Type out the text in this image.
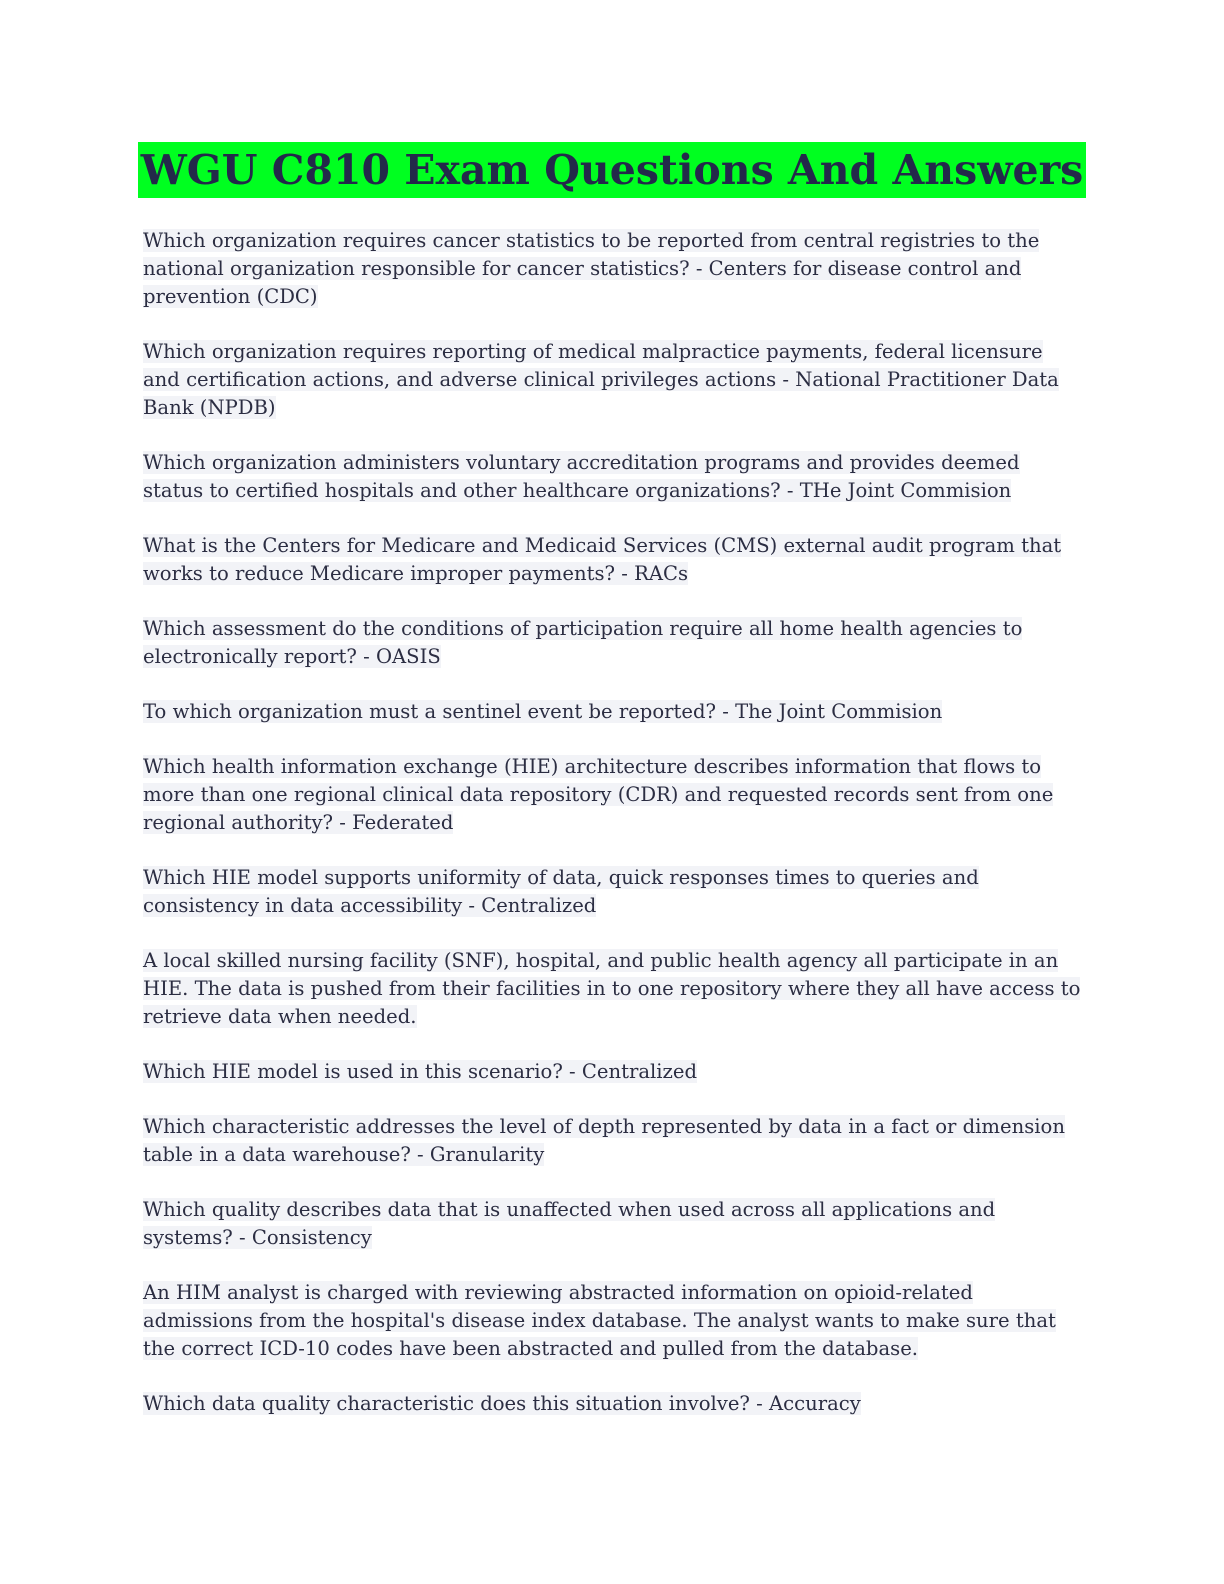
WGU C810 Exam Questions And Answers

Which organization requires cancer statistics to be reported from central registries to the national organization responsible for cancer statistics? - Centers for disease control and prevention (CDC)

Which organization requires reporting of medical malpractice payments, federal licensure and certification actions, and adverse clinical privileges actions - National Practitioner Data Bank (NPDB)

Which organization administers voluntary accreditation programs and provides deemed status to certified hospitals and other healthcare organizations? - THe Joint Commision

What is the Centers for Medicare and Medicaid Services (CMS) external audit program that works to reduce Medicare improper payments? - RACs

Which assessment do the conditions of participation require all home health agencies to electronically report? - OASIS

To which organization must a sentinel event be reported? - The Joint Commision

Which health information exchange (HIE) architecture describes information that flows to more than one regional clinical data repository (CDR) and requested records sent from one regional authority? - Federated

Which HIE model supports uniformity of data, quick responses times to queries and consistency in data accessibility - Centralized

A local skilled nursing facility (SNF), hospital, and public health agency all participate in an HIE. The data is pushed from their facilities in to one repository where they all have access to retrieve data when needed.

Which HIE model is used in this scenario? - Centralized

Which characteristic addresses the level of depth represented by data in a fact or dimension table in a data warehouse? - Granularity

Which quality describes data that is unaffected when used across all applications and systems? - Consistency

An HIM analyst is charged with reviewing abstracted information on opioid-related admissions from the hospital's disease index database. The analyst wants to make sure that the correct ICD-10 codes have been abstracted and pulled from the database.

Which data quality characteristic does this situation involve? - Accuracy
